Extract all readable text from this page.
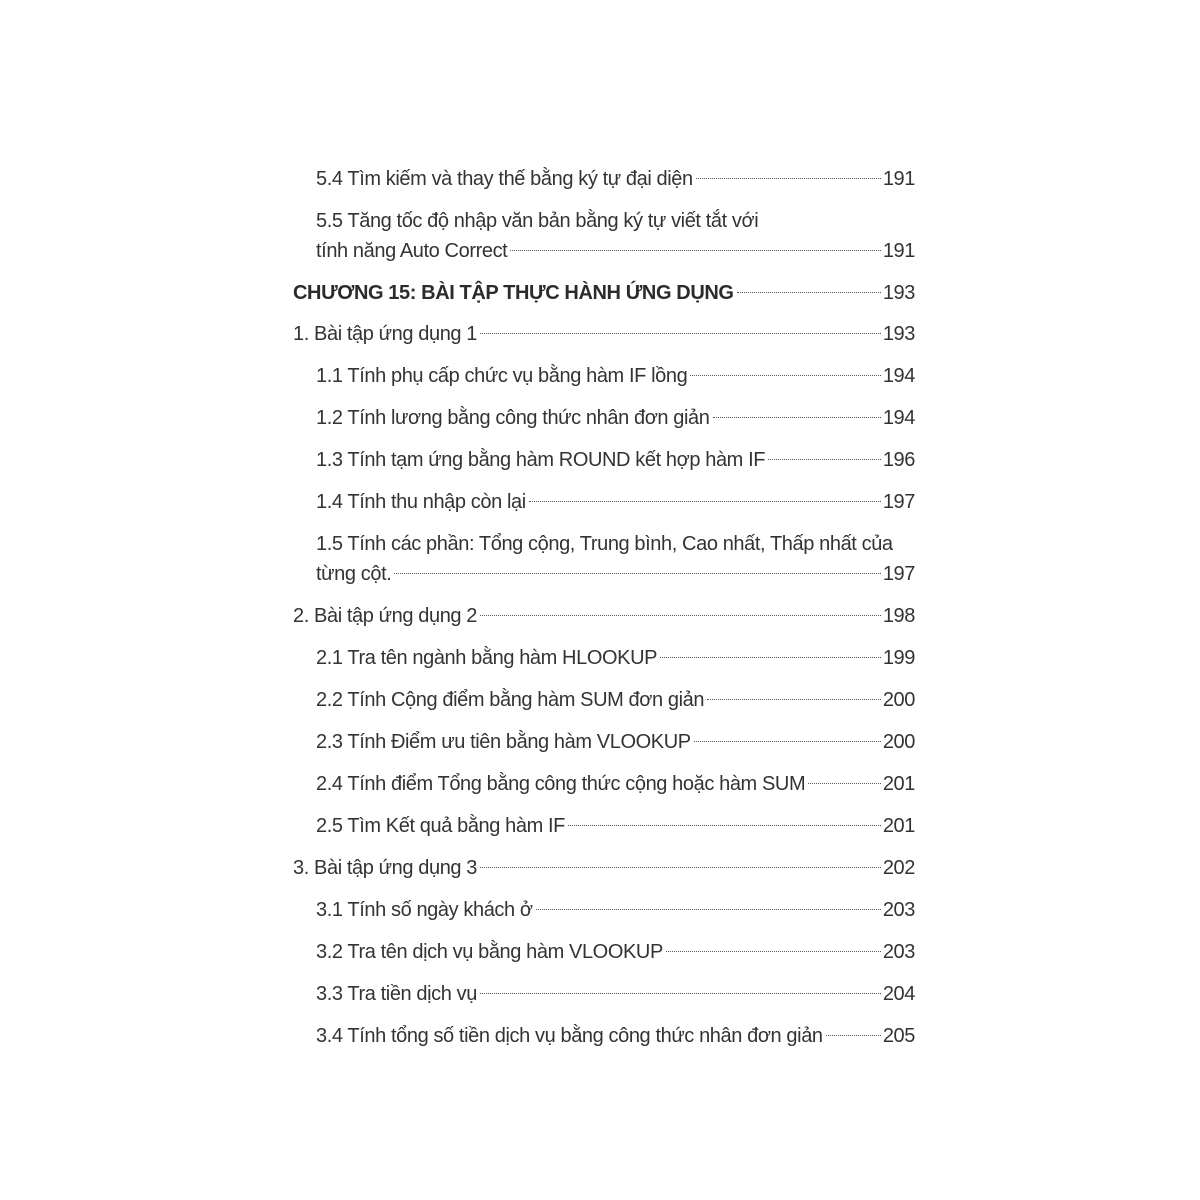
5.4 Tìm kiếm và thay thế bằng ký tự đại diện	191
5.5 Tăng tốc độ nhập văn bản bằng ký tự viết tắt với
tính năng Auto Correct	191
CHƯƠNG 15: BÀI TẬP THỰC HÀNH ỨNG DỤNG	193
1. Bài tập ứng dụng 1	193
1.1 Tính phụ cấp chức vụ bằng hàm IF lồng	194
1.2 Tính lương bằng công thức nhân đơn giản	194
1.3 Tính tạm ứng bằng hàm ROUND kết hợp hàm IF	196
1.4 Tính thu nhập còn lại	197
1.5 Tính các phần: Tổng cộng, Trung bình, Cao nhất, Thấp nhất của
từng cột.	197
2. Bài tập ứng dụng 2	198
2.1 Tra tên ngành bằng hàm HLOOKUP	199
2.2 Tính Cộng điểm bằng hàm SUM đơn giản	200
2.3 Tính Điểm ưu tiên bằng hàm VLOOKUP	200
2.4 Tính điểm Tổng bằng công thức cộng hoặc hàm SUM	201
2.5 Tìm Kết quả bằng hàm IF	201
3. Bài tập ứng dụng 3	202
3.1 Tính số ngày khách ở	203
3.2 Tra tên dịch vụ bằng hàm VLOOKUP	203
3.3 Tra tiền dịch vụ	204
3.4 Tính tổng số tiền dịch vụ bằng công thức nhân đơn giản	205
